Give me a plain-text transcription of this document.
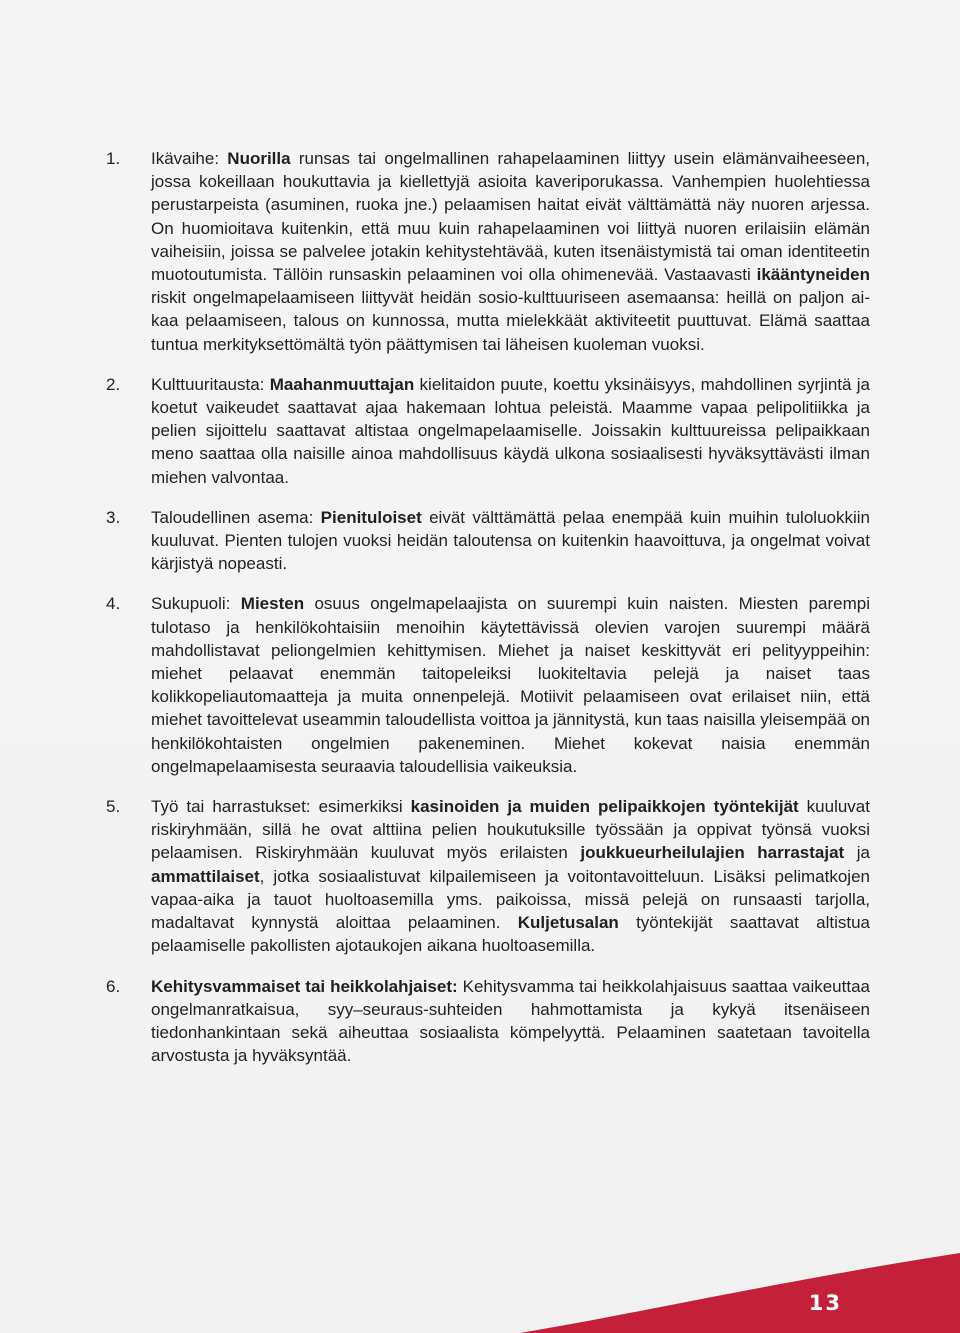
1. Ikävaihe: Nuorilla runsas tai ongelmallinen rahapelaaminen liittyy usein elämänvaiheeseen, jossa kokeillaan houkuttavia ja kiellettyjä asioita kaveriporukassa. Vanhempien huolehtiessa perustarpeista (asuminen, ruoka jne.) pelaamisen haitat eivät välttämättä näy nuoren arjessa. On huomioitava kuitenkin, että muu kuin rahapelaaminen voi liittyä nuoren erilaisiin elämän vaiheisiin, joissa se palvelee jotakin kehitystehtävää, kuten itsenäistymistä tai oman identiteetin muotoutumista. Tällöin runsaskin pelaaminen voi olla ohimenevää. Vastaavasti ikääntyneiden riskit ongelmapelaamiseen liittyvät heidän sosio-kulttuuriseen asemaansa: heillä on paljon aikaa pelaamiseen, talous on kunnossa, mutta mielekkäät aktiviteetit puuttuvat. Elämä saattaa tuntua merkityksettömältä työn päättymisen tai läheisen kuoleman vuoksi.
2. Kulttuuritausta: Maahanmuuttajan kielitaidon puute, koettu yksinäisyys, mahdollinen syrjintä ja koetut vaikeudet saattavat ajaa hakemaan lohtua peleistä. Maamme vapaa pelipolitiikka ja pelien sijoittelu saattavat altistaa ongelmapelaamiselle. Joissakin kulttuureissa pelipaikkaan meno saattaa olla naisille ainoa mahdollisuus käydä ulkona sosiaalisesti hyväksyttävästi ilman miehen valvontaa.
3. Taloudellinen asema: Pienituloiset eivät välttämättä pelaa enempää kuin muihin tuloluokkiin kuuluvat. Pienten tulojen vuoksi heidän taloutensa on kuitenkin haavoittuva, ja ongelmat voivat kärjistyä nopeasti.
4. Sukupuoli: Miesten osuus ongelmapelaajista on suurempi kuin naisten. Miesten parempi tulotaso ja henkilökohtaisiin menoihin käytettävissä olevien varojen suurempi määrä mahdollistavat peliongelmien kehittymisen. Miehet ja naiset keskittyvät eri pelityyppeihin: miehet pelaavat enemmän taitopeleiksi luokiteltavia pelejä ja naiset taas kolikkopeliautomaatteja ja muita onnenpelejä. Motiivit pelaamiseen ovat erilaiset niin, että miehet tavoittelevat useammin taloudellista voittoa ja jännitystä, kun taas naisilla yleisempää on henkilökohtaisten ongelmien pakeneminen. Miehet kokevat naisia enemmän ongelmapelaamisesta seuraavia taloudellisia vaikeuksia.
5. Työ tai harrastukset: esimerkiksi kasinoiden ja muiden pelipaikkojen työntekijät kuuluvat riskiryhmään, sillä he ovat alttiina pelien houkutuksille työssään ja oppivat työnsä vuoksi pelaamisen. Riskiryhmään kuuluvat myös erilaisten joukkueurheilulajien harrastajat ja ammattilaiset, jotka sosiaalistuvat kilpailemiseen ja voitontavoitteluun. Lisäksi pelimatkojen vapaa-aika ja tauot huoltoasemilla yms. paikoissa, missä pelejä on runsaasti tarjolla, madaltavat kynnystä aloittaa pelaaminen. Kuljetusalan työntekijät saattavat altistua pelaamiselle pakollisten ajotaukojen aikana huoltoasemilla.
6. Kehitysvammaiset tai heikkolahjaiset: Kehitysvamma tai heikkolahjaisuus saattaa vaikeuttaa ongelmanratkaisua, syy–seuraus-suhteiden hahmottamista ja kykyä itsenäiseen tiedonhankintaan sekä aiheuttaa sosiaalista kömpelyyttä. Pelaaminen saatetaan tavoitella arvostusta ja hyväksyntää.
13
